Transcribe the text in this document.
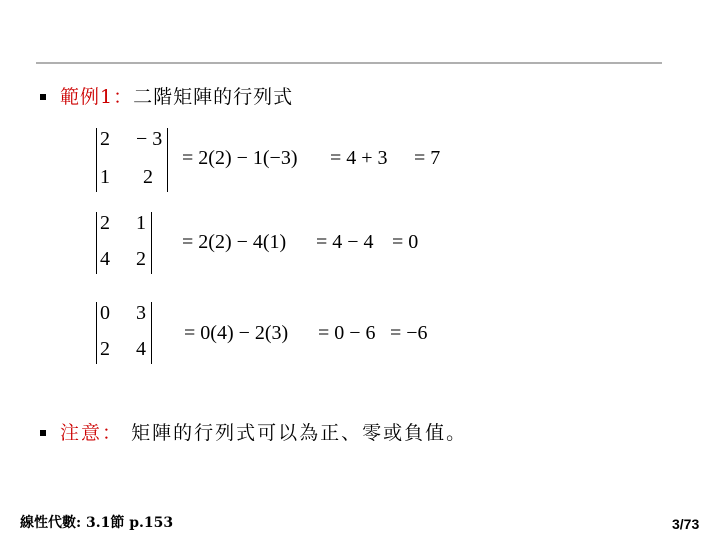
範例1：二階矩陣的行列式
2 − 3
1 2
= 2(2) − 1(−3) = 4 + 3 = 7
2 1
4 2
= 2(2) − 4(1) = 4 − 4 = 0
0 3
2 4
= 0(4) − 2(3) = 0 − 6 = −6
注意： 矩陣的行列式可以為正、零或負值。
線性代數: 3.1節 p.153	3/73
